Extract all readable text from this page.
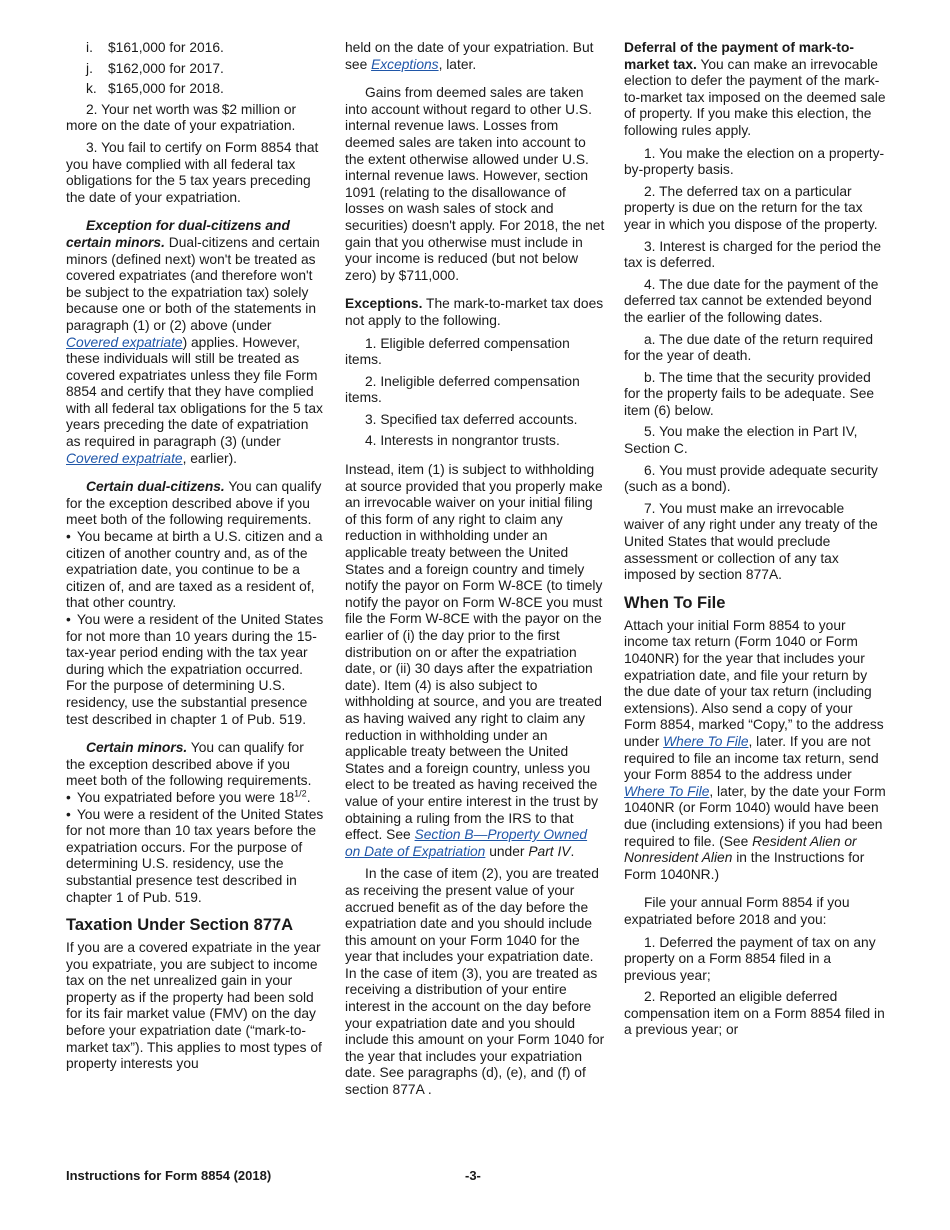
i. $161,000 for 2016.
j. $162,000 for 2017.
k. $165,000 for 2018.

2. Your net worth was $2 million or more on the date of your expatriation.

3. You fail to certify on Form 8854 that you have complied with all federal tax obligations for the 5 tax years preceding the date of your expatriation.

Exception for dual-citizens and certain minors. Dual-citizens and certain minors (defined next) won't be treated as covered expatriates (and therefore won't be subject to the expatriation tax) solely because one or both of the statements in paragraph (1) or (2) above (under Covered expatriate) applies. However, these individuals will still be treated as covered expatriates unless they file Form 8854 and certify that they have complied with all federal tax obligations for the 5 tax years preceding the date of expatriation as required in paragraph (3) (under Covered expatriate, earlier).

Certain dual-citizens. You can qualify for the exception described above if you meet both of the following requirements.

• You became at birth a U.S. citizen and a citizen of another country and, as of the expatriation date, you continue to be a citizen of, and are taxed as a resident of, that other country.

• You were a resident of the United States for not more than 10 years during the 15-tax-year period ending with the tax year during which the expatriation occurred. For the purpose of determining U.S. residency, use the substantial presence test described in chapter 1 of Pub. 519.

Certain minors. You can qualify for the exception described above if you meet both of the following requirements.

• You expatriated before you were $18^{1/2}$.

• You were a resident of the United States for not more than 10 tax years before the expatriation occurs. For the purpose of determining U.S. residency, use the substantial presence test described in chapter 1 of Pub. 519.

Taxation Under Section 877A

If you are a covered expatriate in the year you expatriate, you are subject to income tax on the net unrealized gain in your property as if the property had been sold for its fair market value (FMV) on the day before your expatriation date (“mark-to-market tax”). This applies to most types of property interests you

held on the date of your expatriation. But see Exceptions, later.

Gains from deemed sales are taken into account without regard to other U.S. internal revenue laws. Losses from deemed sales are taken into account to the extent otherwise allowed under U.S. internal revenue laws. However, section 1091 (relating to the disallowance of losses on wash sales of stock and securities) doesn't apply. For 2018, the net gain that you otherwise must include in your income is reduced (but not below zero) by $711,000.

Exceptions. The mark-to-market tax does not apply to the following.

1. Eligible deferred compensation items.

2. Ineligible deferred compensation items.

3. Specified tax deferred accounts.

4. Interests in nongrantor trusts.

Instead, item (1) is subject to withholding at source provided that you properly make an irrevocable waiver on your initial filing of this form of any right to claim any reduction in withholding under an applicable treaty between the United States and a foreign country and timely notify the payor on Form W-8CE (to timely notify the payor on Form W-8CE you must file the Form W-8CE with the payor on the earlier of (i) the day prior to the first distribution on or after the expatriation date, or (ii) 30 days after the expatriation date). Item (4) is also subject to withholding at source, and you are treated as having waived any right to claim any reduction in withholding under an applicable treaty between the United States and a foreign country, unless you elect to be treated as having received the value of your entire interest in the trust by obtaining a ruling from the IRS to that effect. See Section B—Property Owned on Date of Expatriation under Part IV.

In the case of item (2), you are treated as receiving the present value of your accrued benefit as of the day before the expatriation date and you should include this amount on your Form 1040 for the year that includes your expatriation date. In the case of item (3), you are treated as receiving a distribution of your entire interest in the account on the day before your expatriation date and you should include this amount on your Form 1040 for the year that includes your expatriation date. See paragraphs (d), (e), and (f) of section 877A .

Deferral of the payment of mark-to-market tax. You can make an irrevocable election to defer the payment of the mark-to-market tax imposed on the deemed sale of property. If you make this election, the following rules apply.

1. You make the election on a property-by-property basis.

2. The deferred tax on a particular property is due on the return for the tax year in which you dispose of the property.

3. Interest is charged for the period the tax is deferred.

4. The due date for the payment of the deferred tax cannot be extended beyond the earlier of the following dates.

a. The due date of the return required for the year of death.

b. The time that the security provided for the property fails to be adequate. See item (6) below.

5. You make the election in Part IV, Section C.

6. You must provide adequate security (such as a bond).

7. You must make an irrevocable waiver of any right under any treaty of the United States that would preclude assessment or collection of any tax imposed by section 877A.

When To File

Attach your initial Form 8854 to your income tax return (Form 1040 or Form 1040NR) for the year that includes your expatriation date, and file your return by the due date of your tax return (including extensions). Also send a copy of your Form 8854, marked “Copy,” to the address under Where To File, later. If you are not required to file an income tax return, send your Form 8854 to the address under Where To File, later, by the date your Form 1040NR (or Form 1040) would have been due (including extensions) if you had been required to file. (See Resident Alien or Nonresident Alien in the Instructions for Form 1040NR.)

File your annual Form 8854 if you expatriated before 2018 and you:

1. Deferred the payment of tax on any property on a Form 8854 filed in a previous year;

2. Reported an eligible deferred compensation item on a Form 8854 filed in a previous year; or

Instructions for Form 8854 (2018)	-3-
